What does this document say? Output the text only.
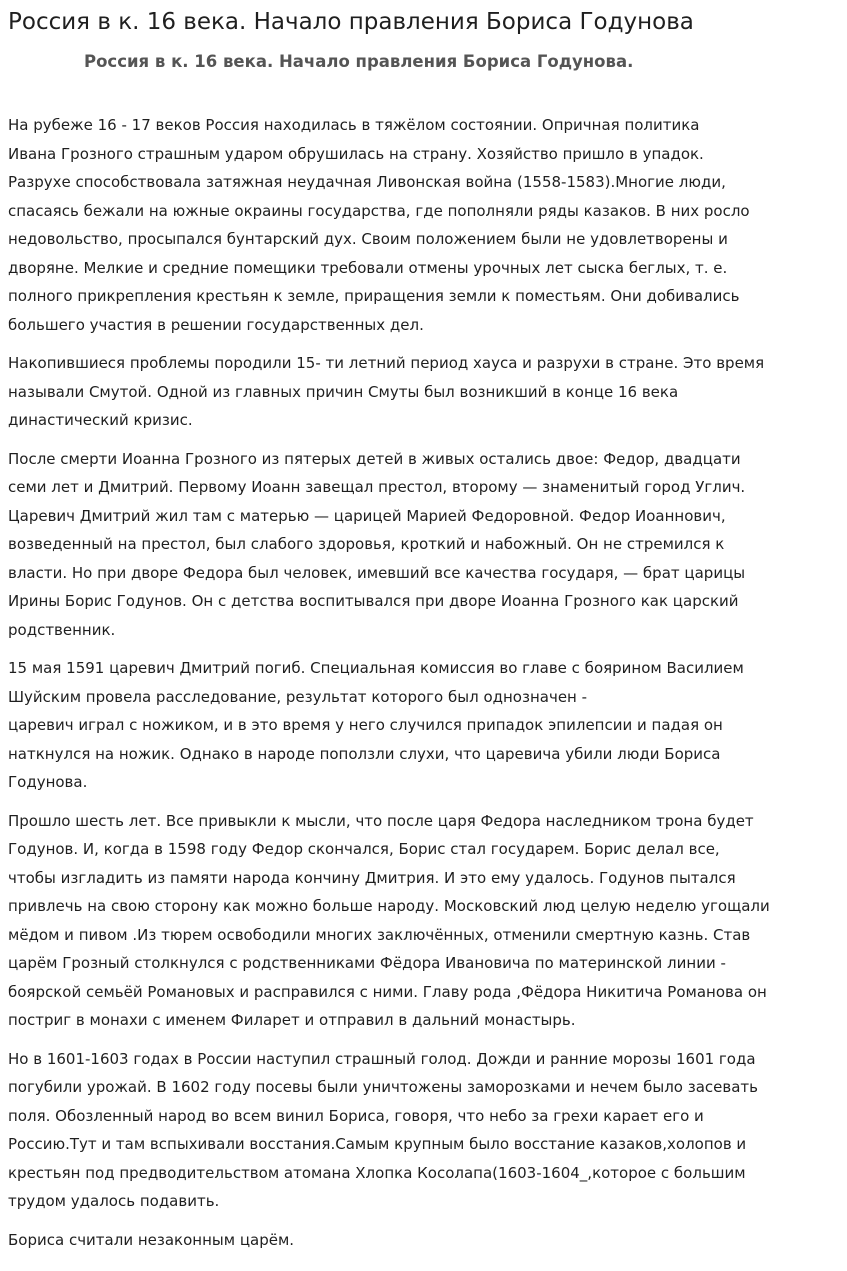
Россия в к. 16 века. Начало правления Бориса Годунова
Россия в к. 16 века. Начало правления Бориса Годунова.

На рубеже 16 - 17 веков Россия находилась в тяжёлом состоянии. Опричная политика
Ивана Грозного страшным ударом обрушилась на страну. Хозяйство пришло в упадок.
Разрухе способствовала затяжная неудачная Ливонская война (1558-1583).Многие люди,
спасаясь бежали на южные окраины государства, где пополняли ряды казаков. В них росло
недовольство, просыпался бунтарский дух. Своим положением были не удовлетворены и
дворяне. Мелкие и средние помещики требовали отмены урочных лет сыска беглых, т. е.
полного прикрепления крестьян к земле, приращения земли к поместьям. Они добивались
большего участия в решении государственных дел.

Накопившиеся проблемы породили 15- ти летний период хауса и разрухи в стране. Это время
называли Смутой. Одной из главных причин Смуты был возникший в конце 16 века
династический кризис.

После смерти Иоанна Грозного из пятерых детей в живых остались двое: Федор, двадцати
семи лет и Дмитрий. Первому Иоанн завещал престол, второму — знаменитый город Углич.
Царевич Дмитрий жил там с матерью — царицей Марией Федоровной. Федор Иоаннович,
возведенный на престол, был слабого здоровья, кроткий и набожный. Он не стремился к
власти. Но при дворе Федора был человек, имевший все качества государя, — брат царицы
Ирины Борис Годунов. Он с детства воспитывался при дворе Иоанна Грозного как царский
родственник.

15 мая 1591 царевич Дмитрий погиб. Специальная комиссия во главе с боярином Василием
Шуйским провела расследование, результат которого был однозначен -
царевич играл с ножиком, и в это время у него случился припадок эпилепсии и падая он
наткнулся на ножик. Однако в народе поползли слухи, что царевича убили люди Бориса
Годунова.

Прошло шесть лет. Все привыкли к мысли, что после царя Федора наследником трона будет
Годунов. И, когда в 1598 году Федор скончался, Борис стал государем. Борис делал все,
чтобы изгладить из памяти народа кончину Дмитрия. И это ему удалось. Годунов пытался
привлечь на свою сторону как можно больше народу. Московский люд целую неделю угощали
мёдом и пивом .Из тюрем освободили многих заключённых, отменили смертную казнь. Став
царём Грозный столкнулся с родственниками Фёдора Ивановича по материнской линии -
боярской семьёй Романовых и расправился с ними. Главу рода ,Фёдора Никитича Романова он
постриг в монахи с именем Филарет и отправил в дальний монастырь.

Но в 1601-1603 годах в России наступил страшный голод. Дожди и ранние морозы 1601 года
погубили урожай. В 1602 году посевы были уничтожены заморозками и нечем было засевать
поля. Обозленный народ во всем винил Бориса, говоря, что небо за грехи карает его и
Россию.Тут и там вспыхивали восстания.Самым крупным было восстание казаков,холопов и
крестьян под предводительством атомана Хлопка Косолапа(1603-1604_,которое с большим
трудом удалось подавить.

Бориса считали незаконным царём.
